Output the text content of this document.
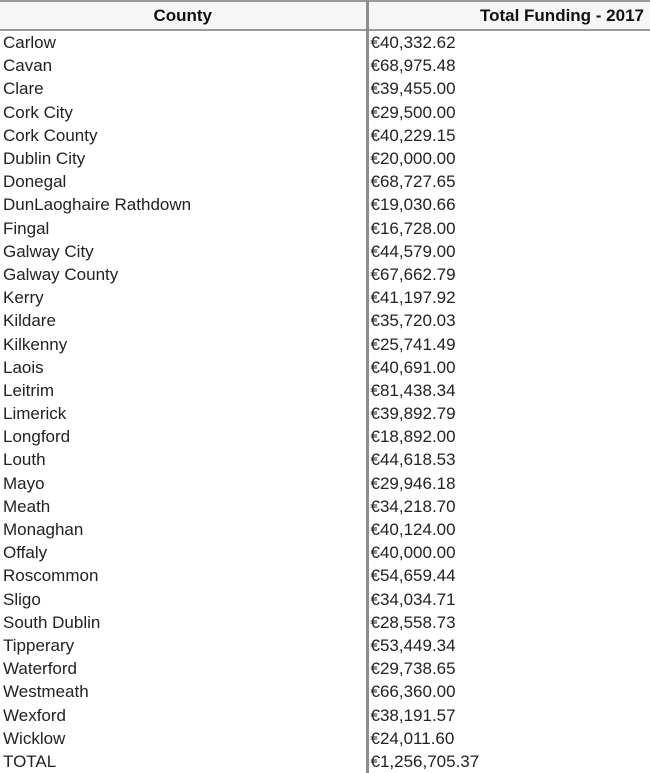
County	Total Funding - 2017
Carlow	€40,332.62
Cavan	€68,975.48
Clare	€39,455.00
Cork City	€29,500.00
Cork County	€40,229.15
Dublin City	€20,000.00
Donegal	€68,727.65
DunLaoghaire Rathdown	€19,030.66
Fingal	€16,728.00
Galway City	€44,579.00
Galway County	€67,662.79
Kerry	€41,197.92
Kildare	€35,720.03
Kilkenny	€25,741.49
Laois	€40,691.00
Leitrim	€81,438.34
Limerick	€39,892.79
Longford	€18,892.00
Louth	€44,618.53
Mayo	€29,946.18
Meath	€34,218.70
Monaghan	€40,124.00
Offaly	€40,000.00
Roscommon	€54,659.44
Sligo	€34,034.71
South Dublin	€28,558.73
Tipperary	€53,449.34
Waterford	€29,738.65
Westmeath	€66,360.00
Wexford	€38,191.57
Wicklow	€24,011.60
TOTAL	€1,256,705.37
